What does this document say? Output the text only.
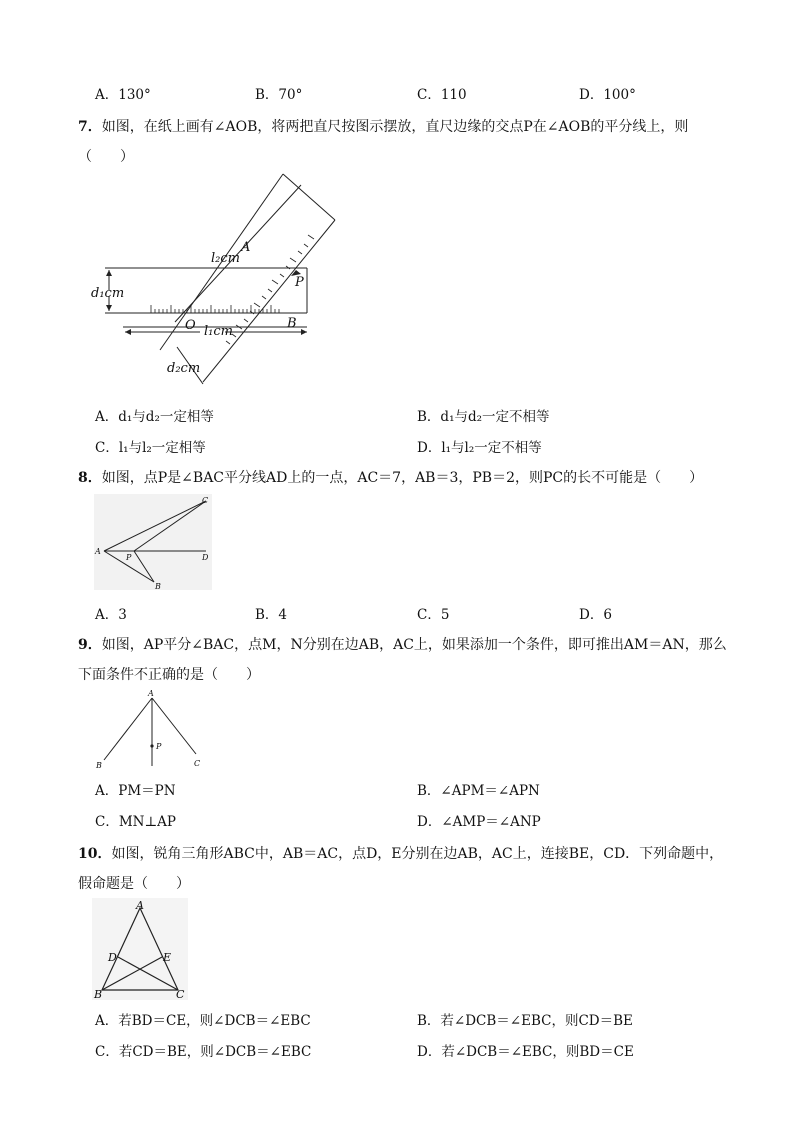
A．130°	B．70°	C．110	D．100°
7．如图，在纸上画有∠AOB，将两把直尺按图示摆放，直尺边缘的交点P在∠AOB的平分线上，则
（　　）
A
B
O
P
l₂cm
l₁cm
d₁cm
d₂cm
A．d₁与d₂一定相等	B．d₁与d₂一定不相等
C．l₁与l₂一定相等	D．l₁与l₂一定不相等
8．如图，点P是∠BAC平分线AD上的一点，AC＝7，AB＝3，PB＝2，则PC的长不可能是（　　）
A
B
C
D
P
A．3	B．4	C．5	D．6
9．如图，AP平分∠BAC，点M，N分别在边AB，AC上，如果添加一个条件，即可推出AM＝AN，那么
下面条件不正确的是（　　）
A
B	C
P
A．PM＝PN	B．∠APM＝∠APN
C．MN⊥AP	D．∠AMP＝∠ANP
10．如图，锐角三角形ABC中，AB＝AC，点D，E分别在边AB，AC上，连接BE，CD．下列命题中，
假命题是（　　）
A
B	C
D	E
A．若BD＝CE，则∠DCB＝∠EBC	B．若∠DCB＝∠EBC，则CD＝BE
C．若CD＝BE，则∠DCB＝∠EBC	D．若∠DCB＝∠EBC，则BD＝CE
